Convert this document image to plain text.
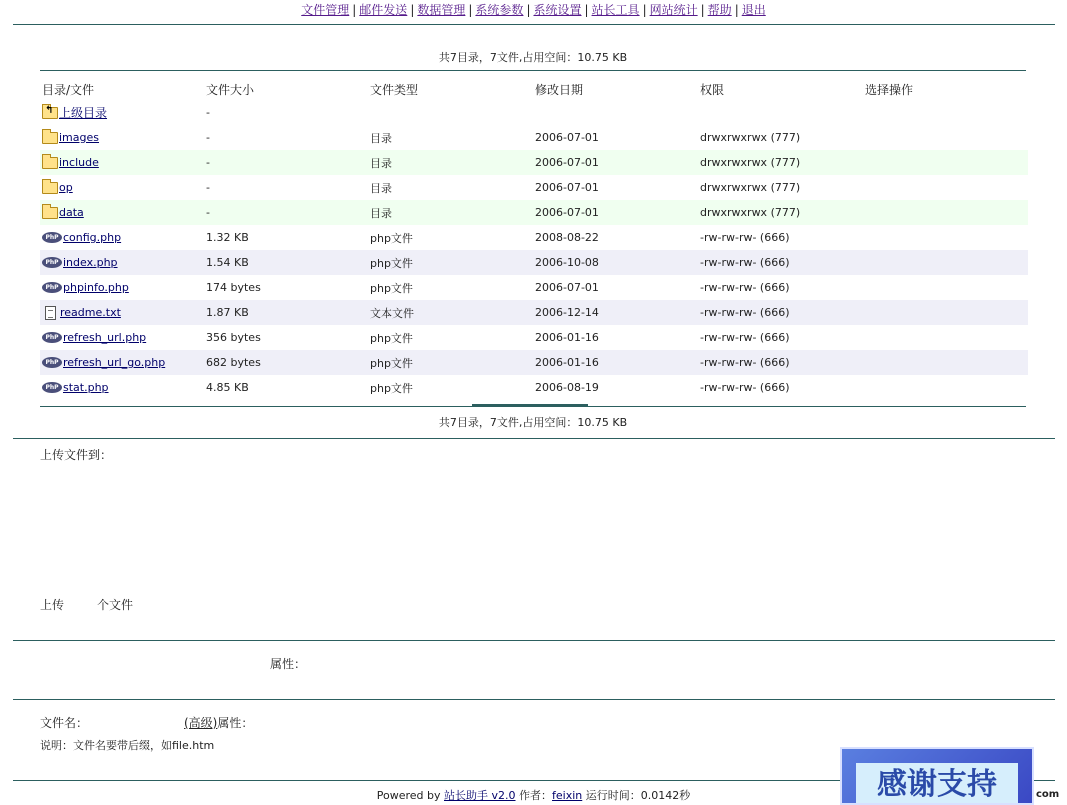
文件管理 | 邮件发送 | 数据管理 | 系统参数 | 系统设置 | 站长工具 | 网站统计 | 帮助 | 退出
共7目录，7文件,占用空间：10.75 KB
目录/文件	文件大小	文件类型	修改日期	权限	选择操作

↰
上级目录	-				

images	-	目录	2006-07-01	drwxrwxrwx (777)	

include	-	目录	2006-07-01	drwxrwxrwx (777)	

op	-	目录	2006-07-01	drwxrwxrwx (777)	

data	-	目录	2006-07-01	drwxrwxrwx (777)	

PhP config.php	1.32 KB	php文件	2008-08-22	-rw-rw-rw- (666)	

PhP index.php	1.54 KB	php文件	2006-10-08	-rw-rw-rw- (666)	

PhP phpinfo.php	174 bytes	php文件	2006-07-01	-rw-rw-rw- (666)	

readme.txt	1.87 KB	文本文件	2006-12-14	-rw-rw-rw- (666)	

PhP refresh_url.php	356 bytes	php文件	2006-01-16	-rw-rw-rw- (666)	

PhP refresh_url_go.php	682 bytes	php文件	2006-01-16	-rw-rw-rw- (666)	

PhP stat.php	4.85 KB	php文件	2006-08-19	-rw-rw-rw- (666)	
共7目录，7文件,占用空间：10.75 KB
上传文件到：
上传	个文件
属性：
文件名：	(高级)属性：
说明：文件名要带后缀，如file.htm
Powered by 站长助手 v2.0 作者：feixin 运行时间：0.0142秒	感谢支持	com
